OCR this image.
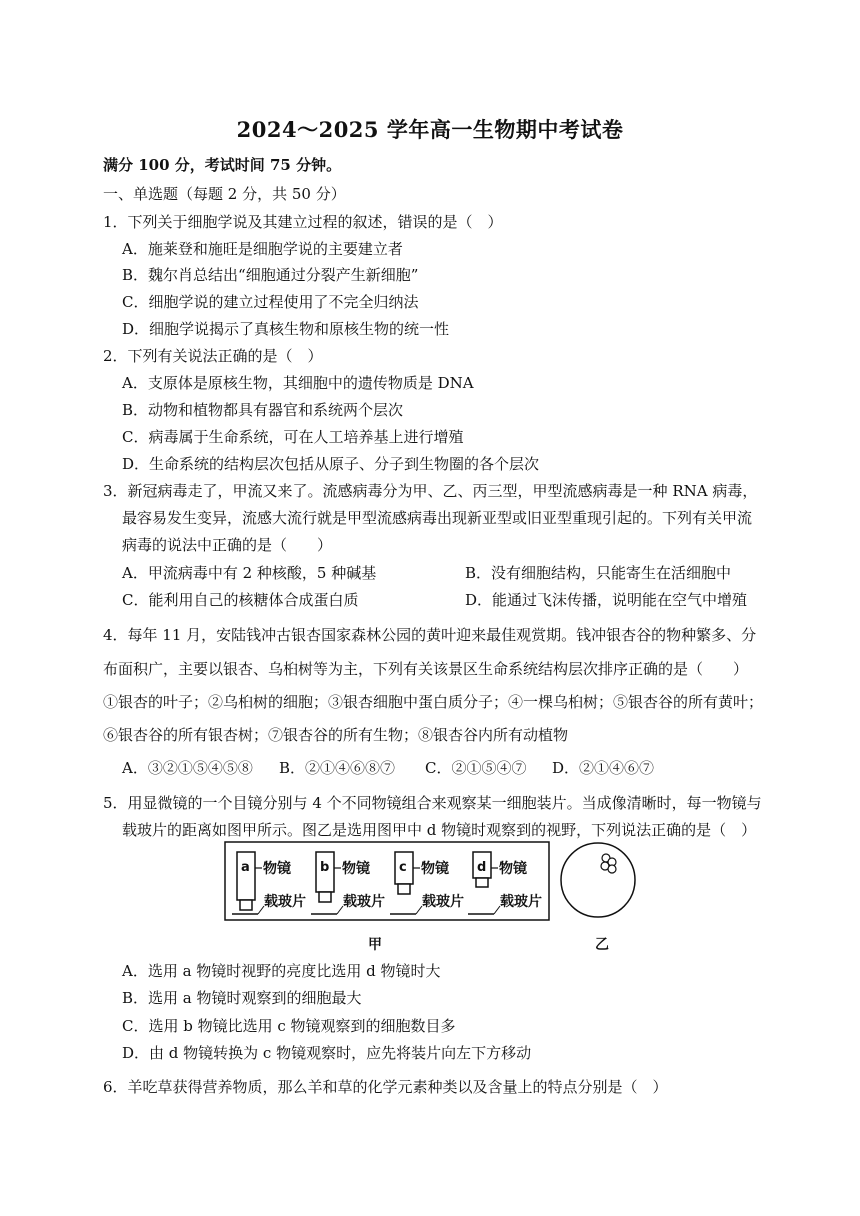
2024～2025 学年高一生物期中考试卷
满分 100 分，考试时间 75 分钟。
一、单选题（每题 2 分，共 50 分）
1．下列关于细胞学说及其建立过程的叙述，错误的是（　）
A．施莱登和施旺是细胞学说的主要建立者
B．魏尔肖总结出“细胞通过分裂产生新细胞”
C．细胞学说的建立过程使用了不完全归纳法
D．细胞学说揭示了真核生物和原核生物的统一性
2．下列有关说法正确的是（　）
A．支原体是原核生物，其细胞中的遗传物质是 DNA
B．动物和植物都具有器官和系统两个层次
C．病毒属于生命系统，可在人工培养基上进行增殖
D．生命系统的结构层次包括从原子、分子到生物圈的各个层次
3．新冠病毒走了，甲流又来了。流感病毒分为甲、乙、丙三型，甲型流感病毒是一种 RNA 病毒，
最容易发生变异，流感大流行就是甲型流感病毒出现新亚型或旧亚型重现引起的。下列有关甲流
病毒的说法中正确的是（　　）
A．甲流病毒中有 2 种核酸，5 种碱基	B．没有细胞结构，只能寄生在活细胞中
C．能利用自己的核糖体合成蛋白质	D．能通过飞沫传播，说明能在空气中增殖
4．每年 11 月，安陆钱冲古银杏国家森林公园的黄叶迎来最佳观赏期。钱冲银杏谷的物种繁多、分
布面积广，主要以银杏、乌桕树等为主，下列有关该景区生命系统结构层次排序正确的是（　　）
①银杏的叶子；②乌桕树的细胞；③银杏细胞中蛋白质分子；④一棵乌桕树；⑤银杏谷的所有黄叶；
⑥银杏谷的所有银杏树；⑦银杏谷的所有生物；⑧银杏谷内所有动植物
A．③②①⑤④⑤⑧ B．②①④⑥⑧⑦ C．②①⑤④⑦ D．②①④⑥⑦
5．用显微镜的一个目镜分别与 4 个不同物镜组合来观察某一细胞装片。当成像清晰时，每一物镜与
载玻片的距离如图甲所示。图乙是选用图甲中 d 物镜时观察到的视野，下列说法正确的是（　）
a 物镜
载玻片
b 物镜
载玻片
c 物镜
载玻片
d 物镜
载玻片
甲	乙
A．选用 a 物镜时视野的亮度比选用 d 物镜时大
B．选用 a 物镜时观察到的细胞最大
C．选用 b 物镜比选用 c 物镜观察到的细胞数目多
D．由 d 物镜转换为 c 物镜观察时，应先将装片向左下方移动
6．羊吃草获得营养物质，那么羊和草的化学元素种类以及含量上的特点分别是（　）
